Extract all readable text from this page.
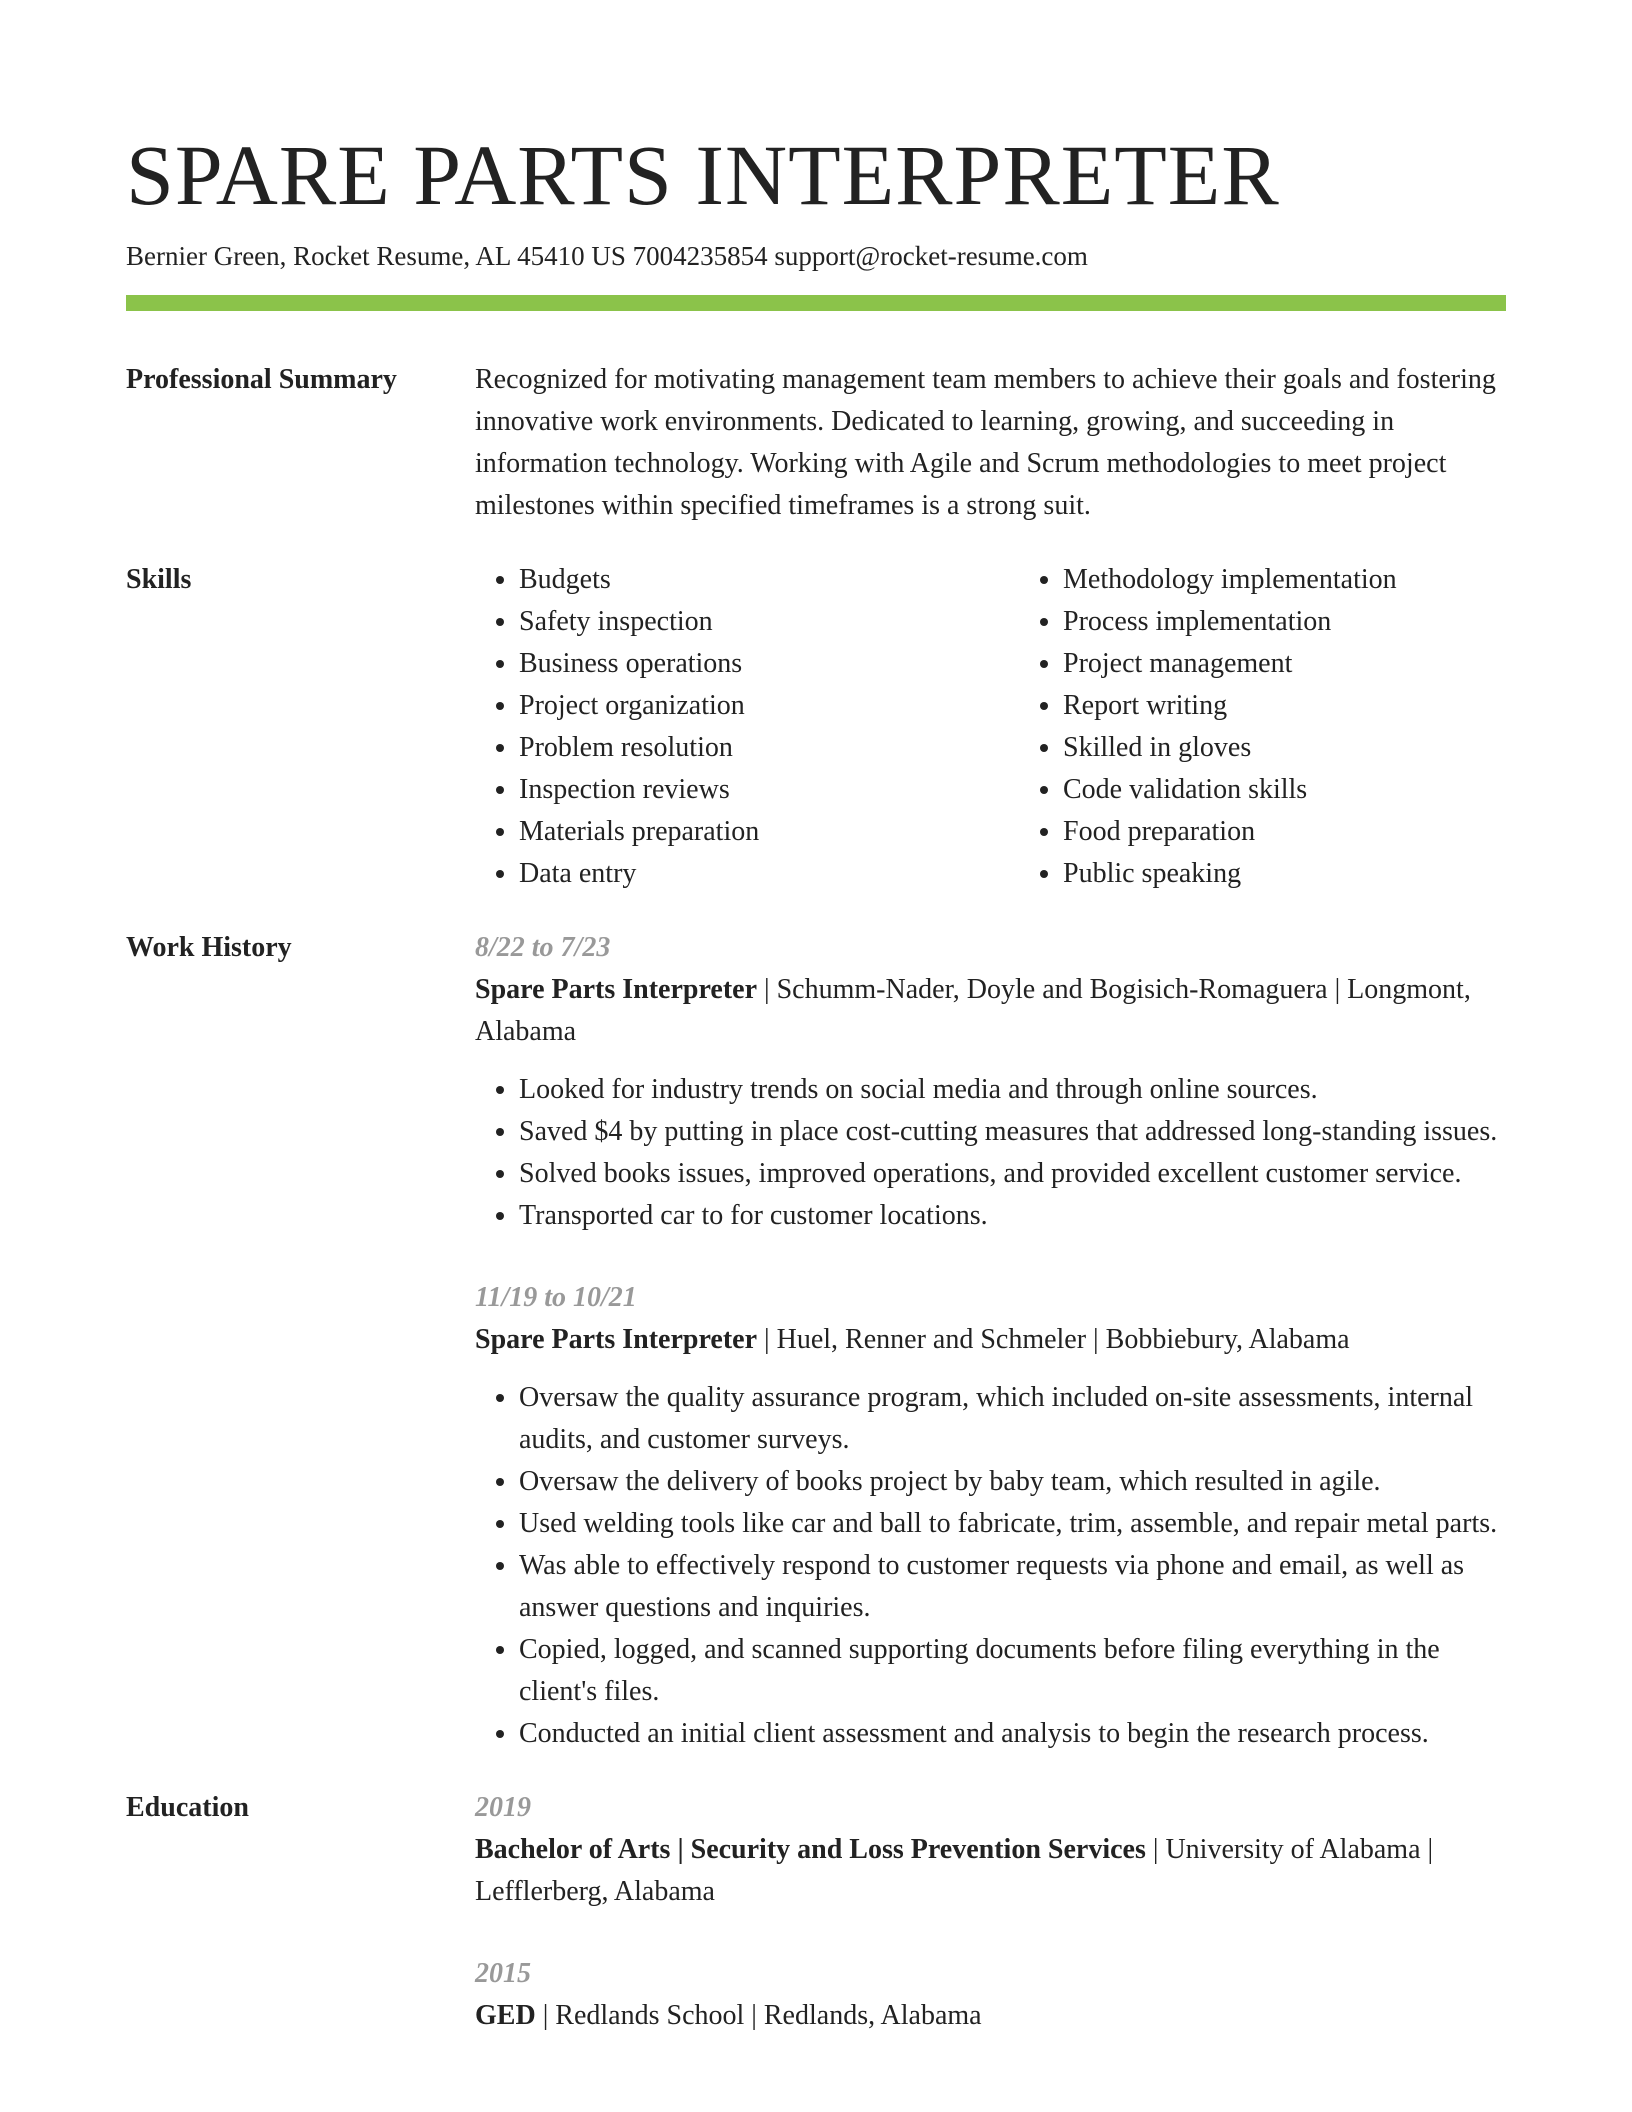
SPARE PARTS INTERPRETER
Bernier Green, Rocket Resume, AL 45410 US 7004235854 support@rocket-resume.com
Professional Summary	Recognized for motivating management team members to achieve their goals and fostering innovative work environments. Dedicated to learning, growing, and succeeding in information technology. Working with Agile and Scrum methodologies to meet project milestones within specified timeframes is a strong suit.

Skills
•	Budgets
• Safety inspection
• Business operations
• Project organization
• Problem resolution
• Inspection reviews
• Materials preparation
• Data entry
• Methodology implementation
• Process implementation
• Project management
• Report writing
• Skilled in gloves
• Code validation skills
• Food preparation
• Public speaking
Work History	8/22 to 7/23
Spare Parts Interpreter | Schumm-Nader, Doyle and Bogisich-Romaguera | Longmont, Alabama
• Looked for industry trends on social media and through online sources.
• Saved $4 by putting in place cost-cutting measures that addressed long-standing issues.
• Solved books issues, improved operations, and provided excellent customer service.
• Transported car to for customer locations.
11/19 to 10/21
Spare Parts Interpreter | Huel, Renner and Schmeler | Bobbiebury, Alabama
• Oversaw the quality assurance program, which included on-site assessments, internal audits, and customer surveys.
• Oversaw the delivery of books project by baby team, which resulted in agile.
• Used welding tools like car and ball to fabricate, trim, assemble, and repair metal parts.
• Was able to effectively respond to customer requests via phone and email, as well as answer questions and inquiries.
• Copied, logged, and scanned supporting documents before filing everything in the client's files.
• Conducted an initial client assessment and analysis to begin the research process.
Education	2019
Bachelor of Arts | Security and Loss Prevention Services | University of Alabama | Lefflerberg, Alabama
2015
GED | Redlands School | Redlands, Alabama
